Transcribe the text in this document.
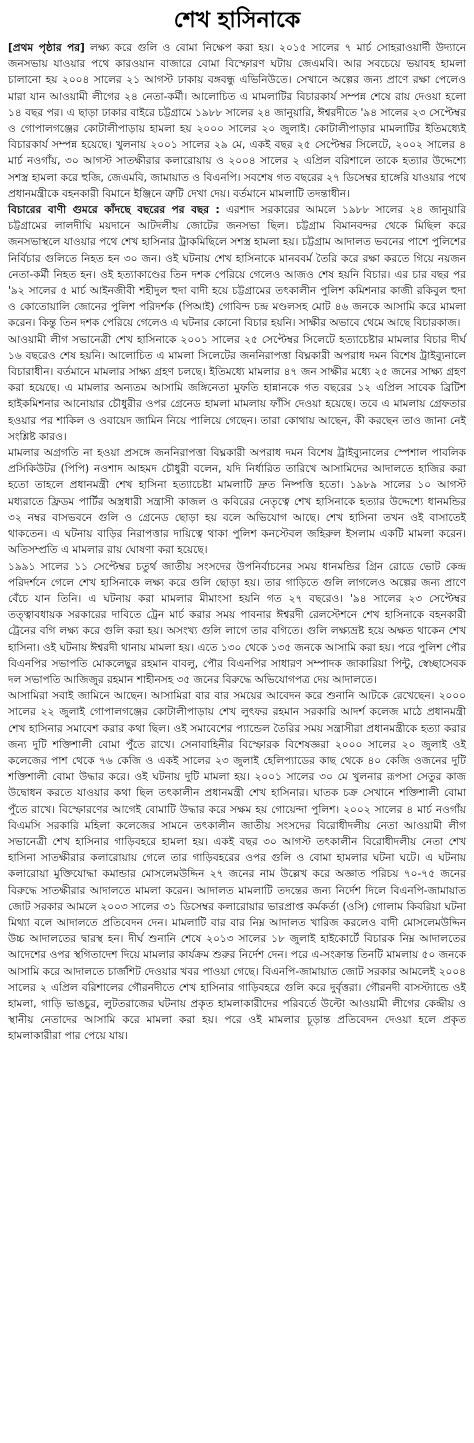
শেখ হাসিনাকে

[প্রথম পৃষ্ঠার পর] লক্ষ্য করে গুলি ও বোমা নিক্ষেপ করা হয়। ২০১৫ সালের ৭ মার্চ সোহরাওয়ার্দী উদ্যানে জনসভায় যাওয়ার পথে কারওয়ান বাজারে বোমা বিস্ফোরণ ঘটায় জেএমবি। আর সবচেয়ে ভয়াবহ হামলা চালানো হয় ২০০৪ সালের ২১ আগস্ট ঢাকায় বঙ্গবন্ধু এভিনিউতে। সেখানে অল্পের জন্য প্রাণে রক্ষা পেলেও মারা যান আওয়ামী লীগের ২৪ নেতা-কর্মী। আলোচিত এ মামলাটির বিচারকার্য সম্পন্ন শেষে রায় দেওয়া হলো ১৪ বছর পর। এ ছাড়া ঢাকার বাইরে চট্টগ্রামে ১৯৮৮ সালের ২৪ জানুয়ারি, ঈশ্বরদীতে '৯৪ সালের ২৩ সেপ্টেম্বর ও গোপালগঞ্জের কোটালীপাড়ায় হামলা হয় ২০০০ সালের ২০ জুলাই। কোটালীপাড়ার মামলাটির ইতিমধ্যেই বিচারকার্য সম্পন্ন হয়েছে। খুলনায় ২০০১ সালের ২৯ মে, একই বছর ২৫ সেপ্টেম্বর সিলেটে, ২০০২ সালের ৪ মার্চ নওগাঁয়, ৩০ আগস্ট সাতক্ষীরার কলারোয়ায় ও ২০০৪ সালের ২ এপ্রিল বরিশালে তাকে হত্যার উদ্দেশ্যে সশস্ত্র হামলা করে হুজি, জেএমবি, জামায়াত ও বিএনপি। সবশেষ গত বছরের ২৭ ডিসেম্বর হাঙ্গেরি যাওয়ার পথে প্রধানমন্ত্রীকে বহনকারী বিমানে ইঞ্জিনে ত্রুটি দেখা দেয়। বর্তমানে মামলাটি তদন্তাধীন।

বিচারের বাণী গুমরে কাঁদছে বছরের পর বছর : এরশাদ সরকারের আমলে ১৯৮৮ সালের ২৪ জানুয়ারি চট্টগ্রামের লালদীঘি ময়দানে আটদলীয় জোটের জনসভা ছিল। চট্টগ্রাম বিমানবন্দর থেকে মিছিল করে জনসভাস্থলে যাওয়ার পথে শেখ হাসিনার ট্রাকমিছিলে সশস্ত্র হামলা হয়। চট্টগ্রাম আদালত ভবনের পাশে পুলিশের নির্বিচার গুলিতে নিহত হন ৩০ জন। ওই ঘটনায় শেখ হাসিনাকে মানববর্ম তৈরি করে রক্ষা করতে গিয়ে নয়জন নেতা-কর্মী নিহত হন। ওই হত্যাকাণ্ডের তিন দশক পেরিয়ে গেলেও আজও শেষ হয়নি বিচার। এর চার বছর পর '৯২ সালের ৫ মার্চ আইনজীবী শহীদুল হুদা বাদী হয়ে চট্টগ্রামের তৎকালীন পুলিশ কমিশনার কাজী রকিবুল হুদা ও কোতোয়ালি জোনের পুলিশ পরিদর্শক (পিআই) গোবিন্দ চন্দ্র মণ্ডলসহ মোট ৪৬ জনকে আসামি করে মামলা করেন। কিন্তু তিন দশক পেরিয়ে গেলেও এ ঘটনার কোনো বিচার হয়নি। সাক্ষীর অভাবে থেমে আছে বিচারকাজ।

আওয়ামী লীগ সভানেত্রী শেখ হাসিনাকে ২০০১ সালের ২৫ সেপ্টেম্বর সিলেটে হত্যাচেষ্টার মামলার বিচার দীর্ঘ ১৬ বছরেও শেষ হয়নি। আলোচিত এ মামলা সিলেটের জননিরাপত্তা বিঘ্নকারী অপরাধ দমন বিশেষ ট্রাইব্যুনালে বিচারাধীন। বর্তমানে মামলার সাক্ষ্য গ্রহণ চলছে। ইতিমধ্যে মামলার ৪৭ জন সাক্ষীর মধ্যে ২৫ জনের সাক্ষ্য গ্রহণ করা হয়েছে। এ মামলার অন্যতম আসামি জঙ্গিনেতা মুফতি হান্নানকে গত বছরের ১২ এপ্রিল সাবেক ব্রিটিশ হাইকমিশনার আনোয়ার চৌধুরীর ওপর গ্রেনেড হামলা মামলায় ফাঁসি দেওয়া হয়েছে। তবে এ মামলায় গ্রেফতার হওয়ার পর শাকিল ও ওবায়েদ জামিন নিয়ে পালিয়ে গেছেন। তারা কোথায় আছেন, কী করছেন তাও জানা নেই সংশ্লিষ্ট কারও।

মামলার অগ্রগতি না হওয়া প্রসঙ্গে জননিরাপত্তা বিঘ্নকারী অপরাধ দমন বিশেষ ট্রাইব্যুনালের স্পেশাল পাবলিক প্রসিকিউটর (পিপি) নওশাদ আহমদ চৌধুরী বলেন, যদি নির্ধারিত তারিখে আসামিদের আদালতে হাজির করা হতো তাহলে প্রধানমন্ত্রী শেখ হাসিনা হত্যাচেষ্টা মামলাটি দ্রুত নিষ্পত্তি হতো। ১৯৮৯ সালের ১০ আগস্ট মধ্যরাতে ফ্রিডম পার্টির অস্ত্রধারী সন্ত্রাসী কাজল ও কবিরের নেতৃত্বে শেখ হাসিনাকে হত্যার উদ্দেশ্যে ধানমন্ডির ৩২ নম্বর বাসভবনে গুলি ও গ্রেনেড ছোড়া হয় বলে অভিযোগ আছে। শেখ হাসিনা তখন ওই বাসাতেই থাকতেন। এ ঘটনায় বাড়ির নিরাপত্তার দায়িত্বে থাকা পুলিশ কনস্টেবল জহিরুল ইসলাম একটি মামলা করেন। অতিসম্প্রতি এ মামলার রায় ঘোষণা করা হয়েছে।

১৯৯১ সালের ১১ সেপ্টেম্বর চতুর্থ জাতীয় সংসদের উপনির্বাচনের সময় ধানমন্ডির গ্রিন রোডে ভোট কেন্দ্র পরিদর্শনে গেলে শেখ হাসিনাকে লক্ষ্য করে গুলি ছোড়া হয়। তার গাড়িতে গুলি লাগলেও অল্পের জন্য প্রাণে বেঁচে যান তিনি। এ ঘটনায় করা মামলার মীমাংসা হয়নি গত ২৭ বছরেও। '৯৪ সালের ২৩ সেপ্টেম্বর তত্ত্বাবধায়ক সরকারের দাবিতে ট্রেন মার্চ করার সময় পাবনার ঈশ্বরদী রেলস্টেশনে শেখ হাসিনাকে বহনকারী ট্রেনের বগি লক্ষ্য করে গুলি করা হয়। অসংখ্য গুলি লাগে তার বগিতে। গুলি লক্ষ্যভ্রষ্ট হয়ে অক্ষত থাকেন শেখ হাসিনা। ওই ঘটনায় ঈশ্বরদী থানায় মামলা হয়। এতে ১৩০ থেকে ১৩৫ জনকে আসামি করা হয়। পরে পুলিশ পৌর বিএনপির সভাপতি মোকলেছুর রহমান বাবলু, পৌর বিএনপির সাধারণ সম্পাদক জাকারিয়া পিন্টু, স্বেচ্ছাসেবক দল সভাপতি আজিজুর রহমান শাহীনসহ ৩৫ জনের বিরুদ্ধে অভিযোগপত্র দেয় আদালতে।

আসামিরা সবাই জামিনে আছেন। আসামিরা বার বার সময়ের আবেদন করে শুনানি আটকে রেখেছেন। ২০০০ সালের ২২ জুলাই গোপালগঞ্জের কোটালীপাড়ায় শেখ লুৎফর রহমান সরকারি আদর্শ কলেজ মাঠে প্রধানমন্ত্রী শেখ হাসিনার সমাবেশ করার কথা ছিল। ওই সমাবেশের প্যান্ডেল তৈরির সময় সন্ত্রাসীরা প্রধানমন্ত্রীকে হত্যা করার জন্য দুটি শক্তিশালী বোমা পুঁতে রাখে। সেনাবাহিনীর বিস্ফোরক বিশেষজ্ঞরা ২০০০ সালের ২০ জুলাই ওই কলেজের পাশ থেকে ৭৬ কেজি ও একই সালের ২৩ জুলাই হেলিপ্যাডের কাছ থেকে ৪০ কেজি ওজনের দুটি শক্তিশালী বোমা উদ্ধার করে। ওই ঘটনায় দুটি মামলা হয়। ২০০১ সালের ৩০ মে খুলনার রূপসা সেতুর কাজ উদ্বোধন করতে যাওয়ার কথা ছিল তৎকালীন প্রধানমন্ত্রী শেখ হাসিনার। ঘাতক চক্র সেখানে শক্তিশালী বোমা পুঁতে রাখে। বিস্ফোরণের আগেই বোমাটি উদ্ধার করে সক্ষম হয় গোয়েন্দা পুলিশ। ২০০২ সালের ৪ মার্চ নওগাঁয় বিএমসি সরকারি মহিলা কলেজের সামনে তৎকালীন জাতীয় সংসদের বিরোধীদলীয় নেতা আওয়ামী লীগ সভানেত্রী শেখ হাসিনার গাড়িবহরে হামলা হয়। একই বছর ৩০ আগস্ট তৎকালীন বিরোধীদলীয় নেতা শেখ হাসিনা সাতক্ষীরার কলারোয়ায় গেলে তার গাড়িবহরের ওপর গুলি ও বোমা হামলার ঘটনা ঘটে। এ ঘটনায় কলারোয়া মুক্তিযোদ্ধা কমান্ডার মোসলেমউদ্দিন ২৭ জনের নাম উল্লেখ করে অজ্ঞাত পরিচয় ৭০-৭৫ জনের বিরুদ্ধে সাতক্ষীরার আদালতে মামলা করেন। আদালত মামলাটি তদন্তের জন্য নির্দেশ দিলে বিএনপি-জামায়াত জোট সরকার আমলে ২০০৩ সালের ৩১ ডিসেম্বর কলারোয়ার ভারপ্রাপ্ত কর্মকর্তা (ওসি) গোলাম কিবরিয়া ঘটনা মিথ্যা বলে আদালতে প্রতিবেদন দেন। মামলাটি বার বার নিম্ন আদালত খারিজ করলেও বাদী মোসলেমউদ্দিন উচ্চ আদালতের দ্বারস্থ হন। দীর্ঘ শুনানি শেষে ২০১৩ সালের ১৮ জুলাই হাইকোর্টে বিচারক নিম্ন আদালতের আদেশের ওপর স্থগিতাদেশ দিয়ে মামলার কার্যক্রম শুরুর নির্দেশ দেন। পরে এ-সংক্রান্ত তিনটি মামলায় ৫০ জনকে আসামি করে আদালতে চার্জশিট দেওয়ার খবর পাওয়া গেছে। বিএনপি-জামায়াত জোট সরকার আমলেই ২০০৪ সালের ২ এপ্রিল বরিশালের গৌরনদীতে শেখ হাসিনার গাড়িবহরে গুলি করে দুর্বৃত্তরা। গৌরনদী বাসস্ট্যান্ডে ওই হামলা, গাড়ি ভাঙচুর, লুটতরাজের ঘটনায় প্রকৃত হামলাকারীদের পরিবর্তে উল্টো আওয়ামী লীগের কেন্দ্রীয় ও স্থানীয় নেতাদের আসামি করে মামলা করা হয়। পরে ওই মামলার চূড়ান্ত প্রতিবেদন দেওয়া হলে প্রকৃত হামলাকারীরা পার পেয়ে যায়।
